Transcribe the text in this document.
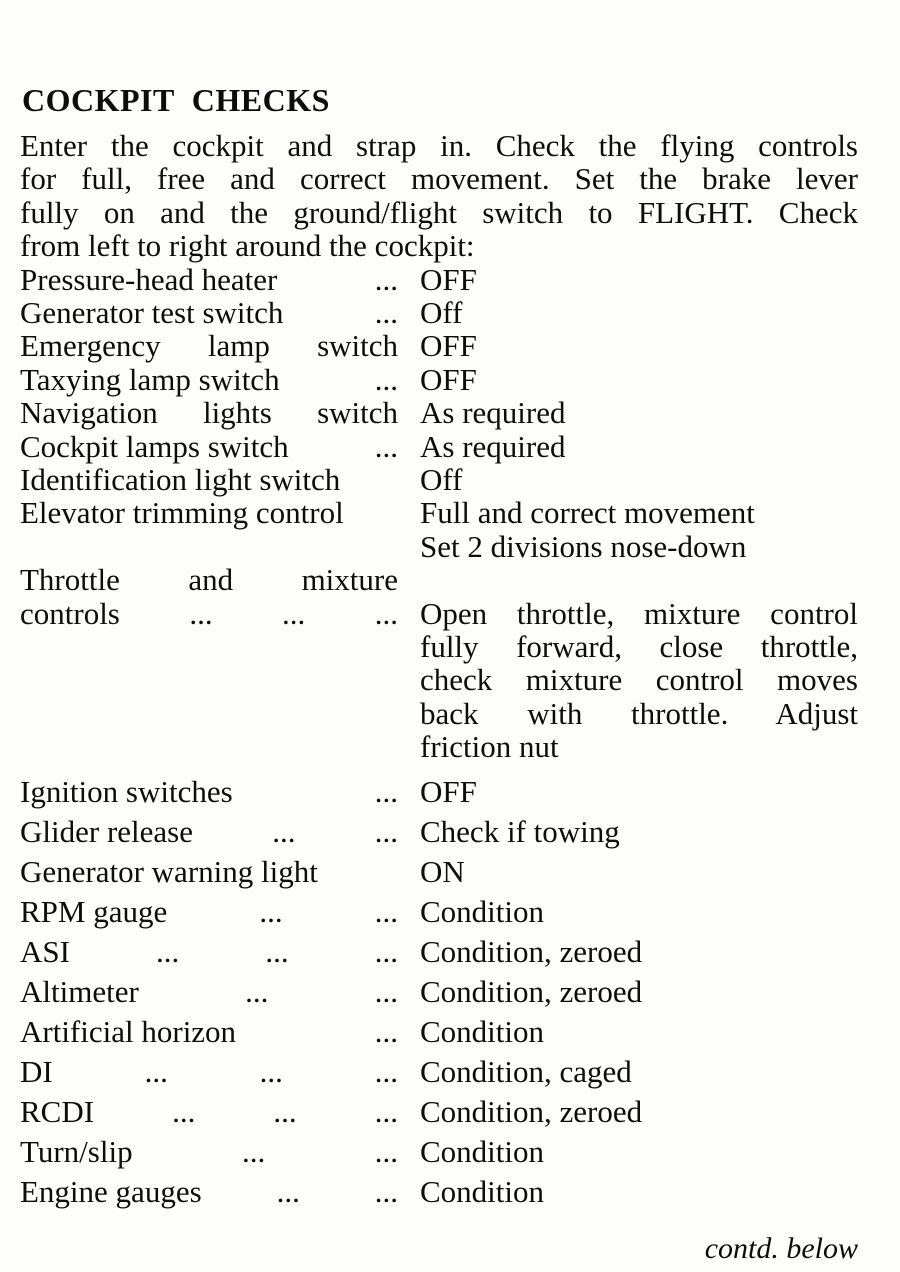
COCKPIT CHECKS
Enter the cockpit and strap in. Check the flying controls
for full, free and correct movement. Set the brake lever
fully on and the ground/flight switch to FLIGHT. Check
from left to right around the cockpit:
Pressure-head heater	... OFF
Generator test switch	... Off
Emergency lamp switch OFF
Taxying lamp switch	... OFF
Navigation lights switch As required
Cockpit lamps switch	... As required
Identification light switch	Off
Elevator trimming control Full and correct movement
Set 2 divisions nose-down
Throttle and mixture
controls ... ... ... Open throttle, mixture control
fully forward, close throttle,
check mixture control moves
back with throttle. Adjust
friction nut
Ignition switches	... OFF
Glider release	...	... Check if towing
Generator warning light	ON
RPM gauge	...	... Condition
ASI	...	...	... Condition, zeroed
Altimeter	...	... Condition, zeroed
Artificial horizon	... Condition
DI	...	...	... Condition, caged
RCDI	...	...	... Condition, zeroed
Turn/slip	...	... Condition
Engine gauges ... ... Condition
contd. below
